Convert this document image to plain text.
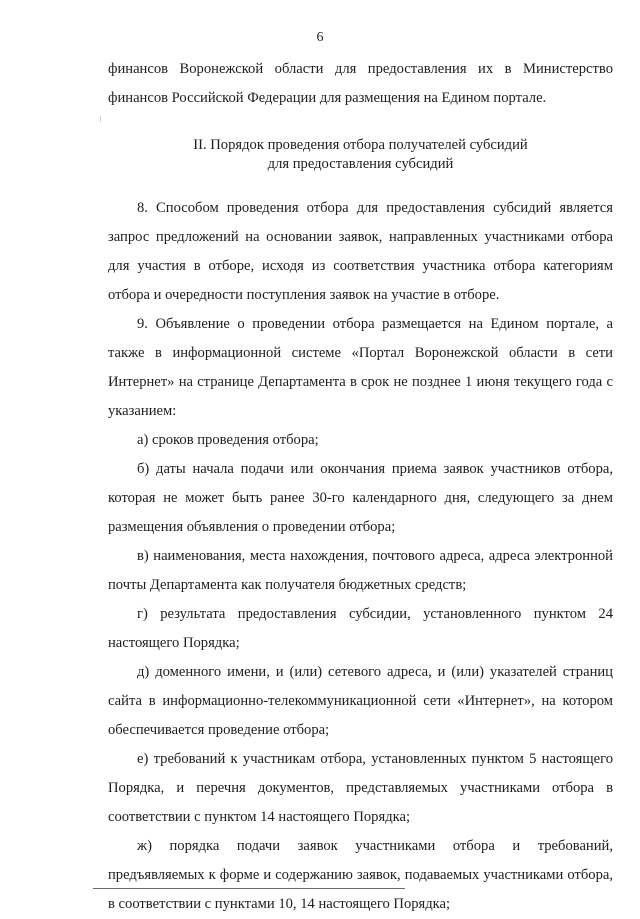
6

финансов Воронежской области для предоставления их в Министерство финансов Российской Федерации для размещения на Едином портале.

II. Порядок проведения отбора получателей субсидий
для предоставления субсидий

8. Способом проведения отбора для предоставления субсидий является запрос предложений на основании заявок, направленных участниками отбора для участия в отборе, исходя из соответствия участника отбора категориям отбора и очередности поступления заявок на участие в отборе.

9. Объявление о проведении отбора размещается на Едином портале, а также в информационной системе «Портал Воронежской области в сети Интернет» на странице Департамента в срок не позднее 1 июня текущего года с указанием:

а) сроков проведения отбора;

б) даты начала подачи или окончания приема заявок участников отбора, которая не может быть ранее 30-го календарного дня, следующего за днем размещения объявления о проведении отбора;

в) наименования, места нахождения, почтового адреса, адреса электронной почты Департамента как получателя бюджетных средств;

г) результата предоставления субсидии, установленного пунктом 24 настоящего Порядка;

д) доменного имени, и (или) сетевого адреса, и (или) указателей страниц сайта в информационно-телекоммуникационной сети «Интернет», на котором обеспечивается проведение отбора;

е) требований к участникам отбора, установленных пунктом 5 настоящего Порядка, и перечня документов, представляемых участниками отбора в соответствии с пунктом 14 настоящего Порядка;

ж) порядка подачи заявок участниками отбора и требований, предъявляемых к форме и содержанию заявок, подаваемых участниками отбора, в соответствии с пунктами 10, 14 настоящего Порядка;
